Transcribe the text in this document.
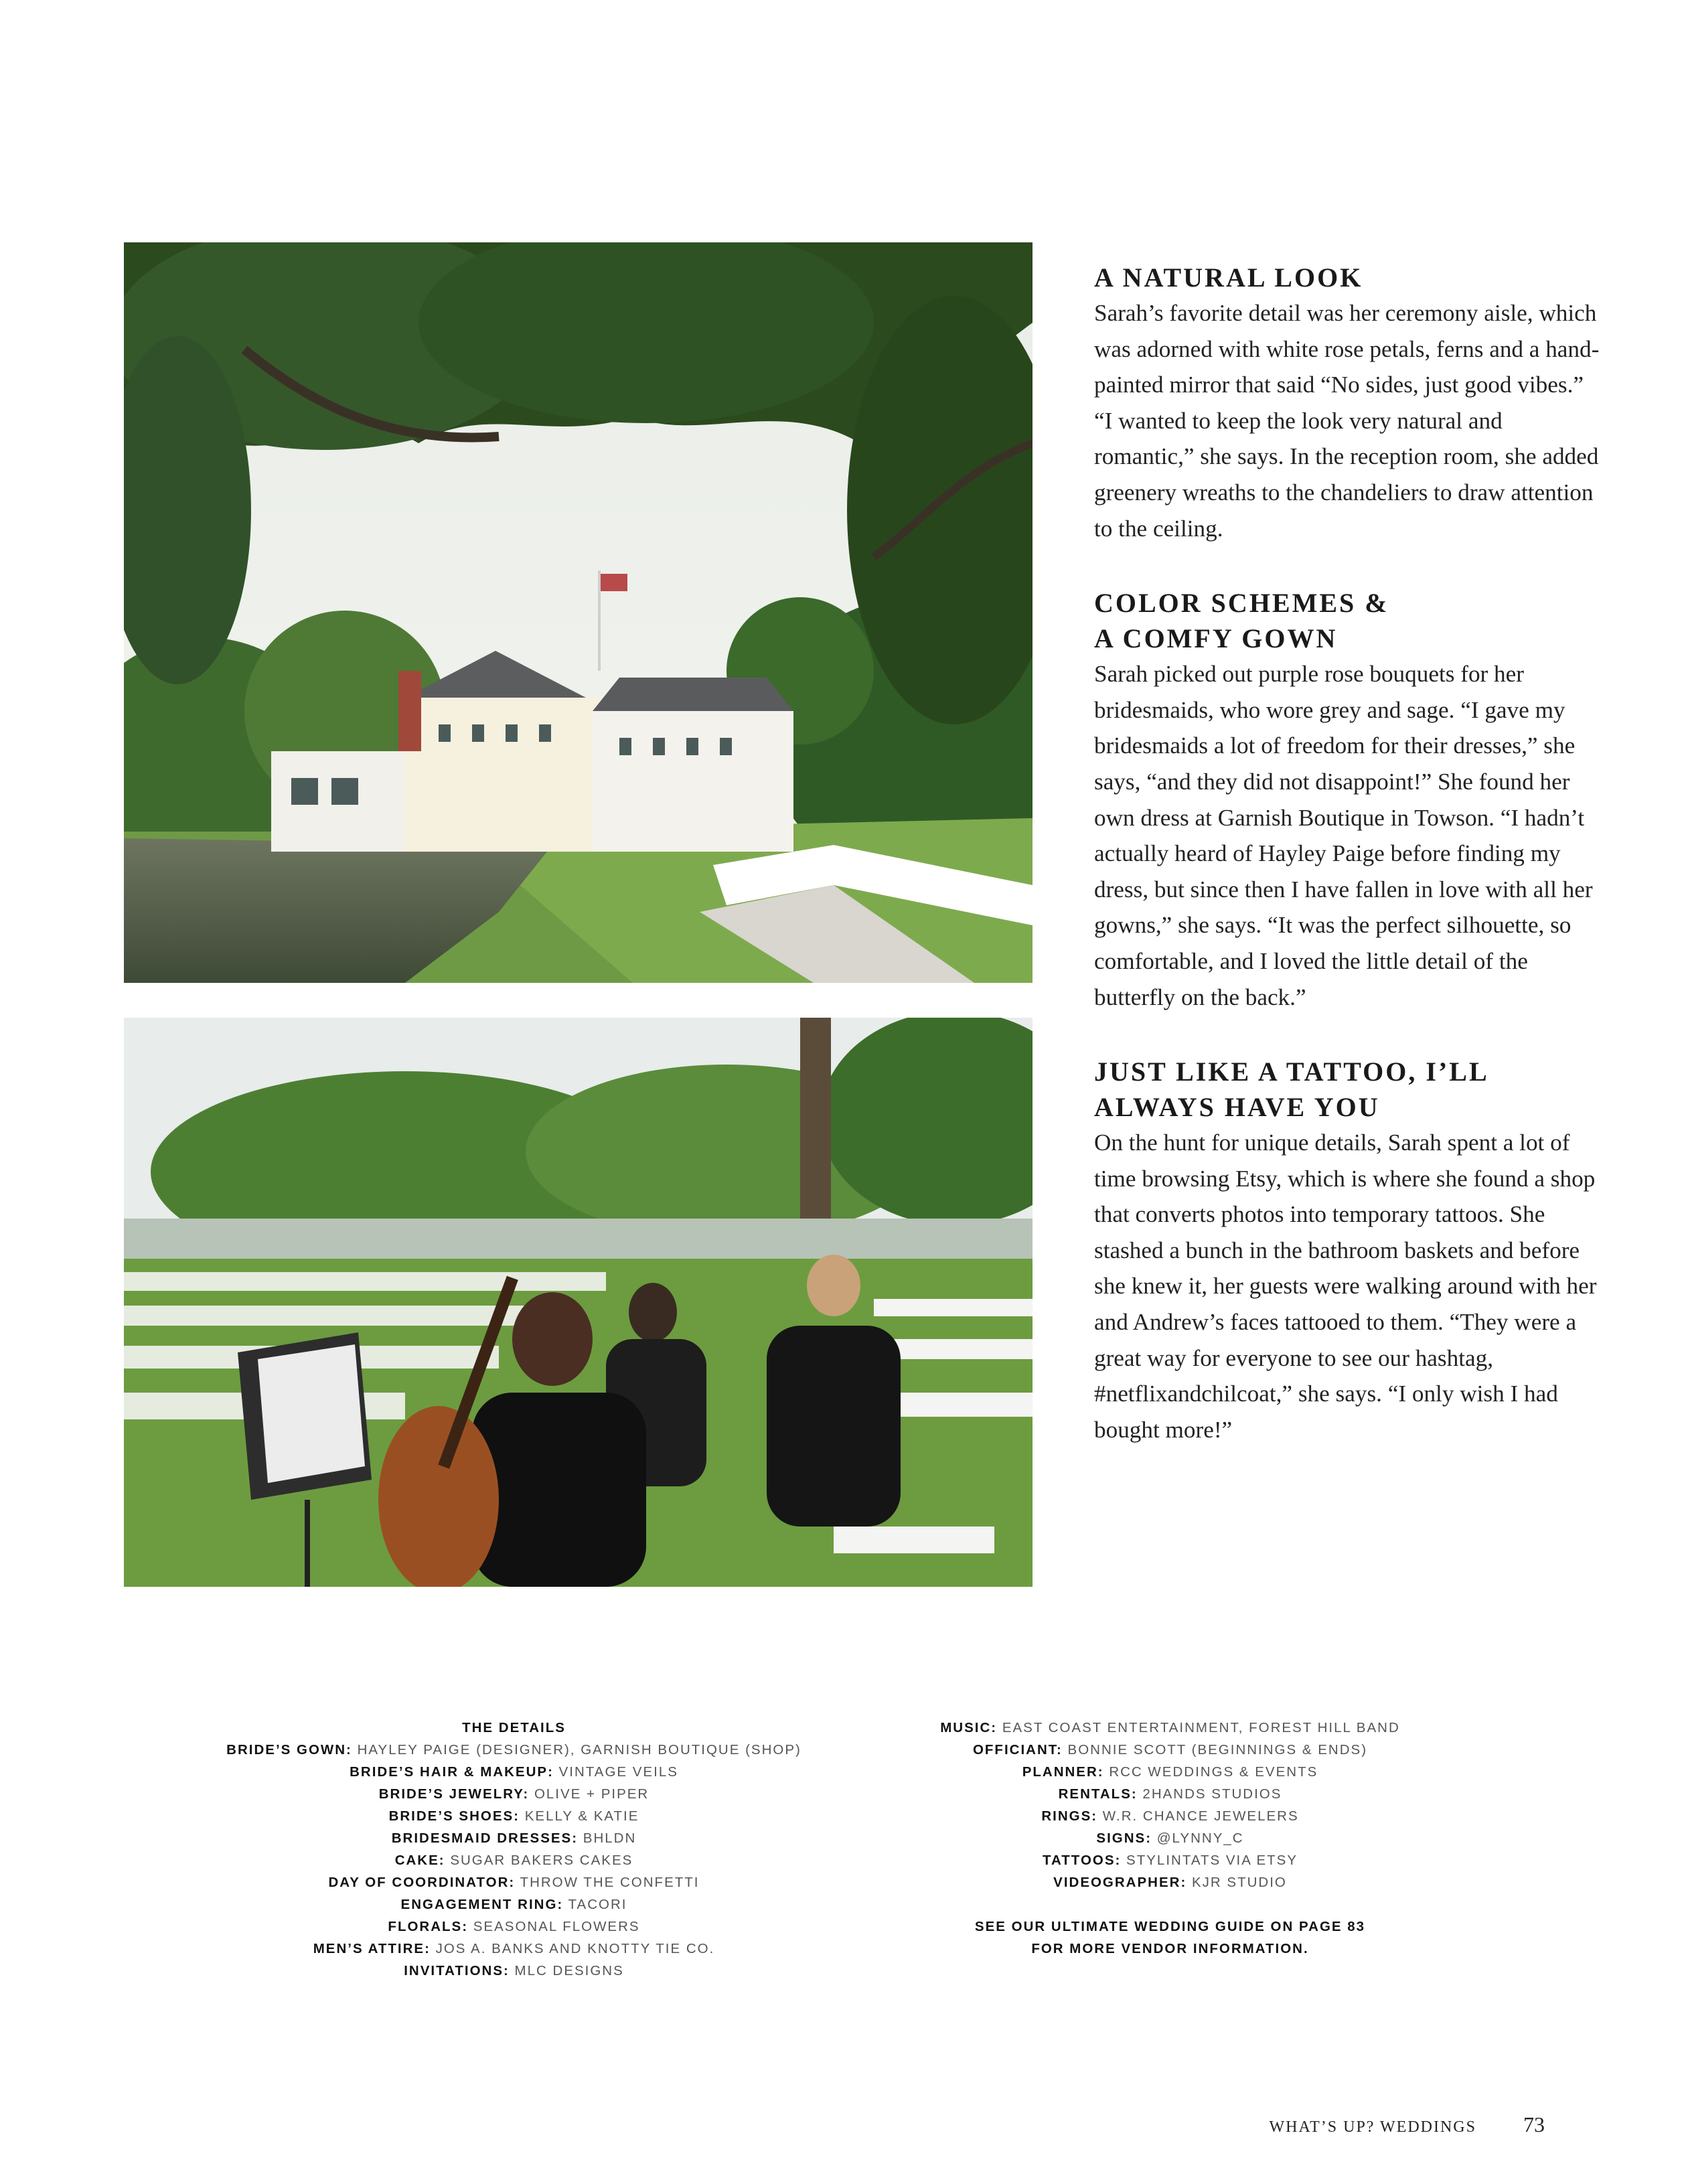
A NATURAL LOOK

Sarah’s favorite detail was her ceremony aisle, which was adorned with white rose petals, ferns and a hand-painted mirror that said “No sides, just good vibes.” “I wanted to keep the look very natural and romantic,” she says. In the reception room, she added greenery wreaths to the chandeliers to draw attention to the ceiling.

COLOR SCHEMES &
A COMFY GOWN

Sarah picked out purple rose bouquets for her bridesmaids, who wore grey and sage. “I gave my bridesmaids a lot of freedom for their dresses,” she says, “and they did not disappoint!” She found her own dress at Garnish Boutique in Towson. “I hadn’t actually heard of Hayley Paige before finding my dress, but since then I have fallen in love with all her gowns,” she says. “It was the perfect silhouette, so comfortable, and I loved the little detail of the butterfly on the back.”

JUST LIKE A TATTOO, I’LL
ALWAYS HAVE YOU

On the hunt for unique details, Sarah spent a lot of time browsing Etsy, which is where she found a shop that converts photos into temporary tattoos. She stashed a bunch in the bathroom baskets and before she knew it, her guests were walking around with her and Andrew’s faces tattooed to them. “They were a great way for everyone to see our hashtag, #netflixandchilcoat,” she says. “I only wish I had bought more!”

THE DETAILS
BRIDE’S GOWN: HAYLEY PAIGE (DESIGNER), GARNISH BOUTIQUE (SHOP)
BRIDE’S HAIR & MAKEUP: VINTAGE VEILS
BRIDE’S JEWELRY: OLIVE + PIPER
BRIDE’S SHOES: KELLY & KATIE
BRIDESMAID DRESSES: BHLDN
CAKE: SUGAR BAKERS CAKES
DAY OF COORDINATOR: THROW THE CONFETTI
ENGAGEMENT RING: TACORI
FLORALS: SEASONAL FLOWERS
MEN’S ATTIRE: JOS A. BANKS AND KNOTTY TIE CO.
INVITATIONS: MLC DESIGNS
MUSIC: EAST COAST ENTERTAINMENT, FOREST HILL BAND
OFFICIANT: BONNIE SCOTT (BEGINNINGS & ENDS)
PLANNER: RCC WEDDINGS & EVENTS
RENTALS: 2HANDS STUDIOS
RINGS: W.R. CHANCE JEWELERS
SIGNS: @LYNNY_C
TATTOOS: STYLINTATS VIA ETSY
VIDEOGRAPHER: KJR STUDIO
SEE OUR ULTIMATE WEDDING GUIDE ON PAGE 83
FOR MORE VENDOR INFORMATION.
WHAT’S UP? WEDDINGS 73
